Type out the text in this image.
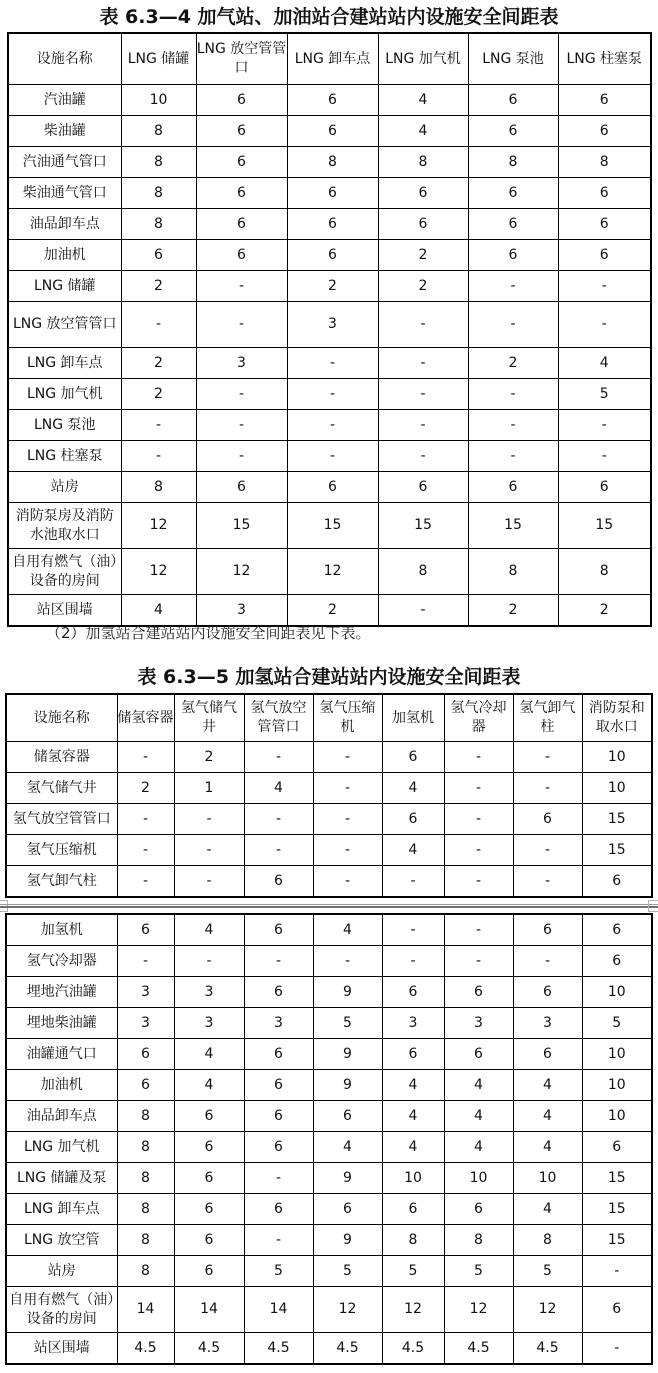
表 6.3—4 加气站、加油站合建站站内设施安全间距表
设施名称	LNG 储罐	LNG 放空管管口	LNG 卸车点	LNG 加气机	LNG 泵池	LNG 柱塞泵
汽油罐	10	6	6	4	6	6
柴油罐	8	6	6	4	6	6
汽油通气管口	8	6	8	8	8	8
柴油通气管口	8	6	6	6	6	6
油品卸车点	8	6	6	6	6	6
加油机	6	6	6	2	6	6
LNG 储罐	2	-	2	2	-	-
LNG 放空管管口	-	-	3	-	-	-
LNG 卸车点	2	3	-	-	2	4
LNG 加气机	2	-	-	-	-	5
LNG 泵池	-	-	-	-	-	-
LNG 柱塞泵	-	-	-	-	-	-
站房	8	6	6	6	6	6
消防泵房及消防水池取水口	12	15	15	15	15	15
自用有燃气（油）设备的房间	12	12	12	8	8	8
站区围墙	4	3	2	-	2	2
（2）加氢站合建站站内设施安全间距表见下表。
表 6.3—5 加氢站合建站站内设施安全间距表
设施名称	储氢容器	氢气储气井	氢气放空管管口	氢气压缩机	加氢机	氢气冷却器	氢气卸气柱	消防泵和取水口
储氢容器	-	2	-	-	6	-	-	10
氢气储气井	2	1	4	-	4	-	-	10
氢气放空管管口	-	-	-	-	6	-	6	15
氢气压缩机	-	-	-	-	4	-	-	15
氢气卸气柱	-	-	6	-	-	-	-	6
加氢机	6	4	6	4	-	-	6	6
氢气冷却器	-	-	-	-	-	-	-	6
埋地汽油罐	3	3	6	9	6	6	6	10
埋地柴油罐	3	3	3	5	3	3	3	5
油罐通气口	6	4	6	9	6	6	6	10
加油机	6	4	6	9	4	4	4	10
油品卸车点	8	6	6	6	4	4	4	10
LNG 加气机	8	6	6	4	4	4	4	6
LNG 储罐及泵	8	6	-	9	10	10	10	15
LNG 卸车点	8	6	6	6	6	6	4	15
LNG 放空管	8	6	-	9	8	8	8	15
站房	8	6	5	5	5	5	5	-
自用有燃气（油）设备的房间	14	14	14	12	12	12	12	6
站区围墙	4.5	4.5	4.5	4.5	4.5	4.5	4.5	-
